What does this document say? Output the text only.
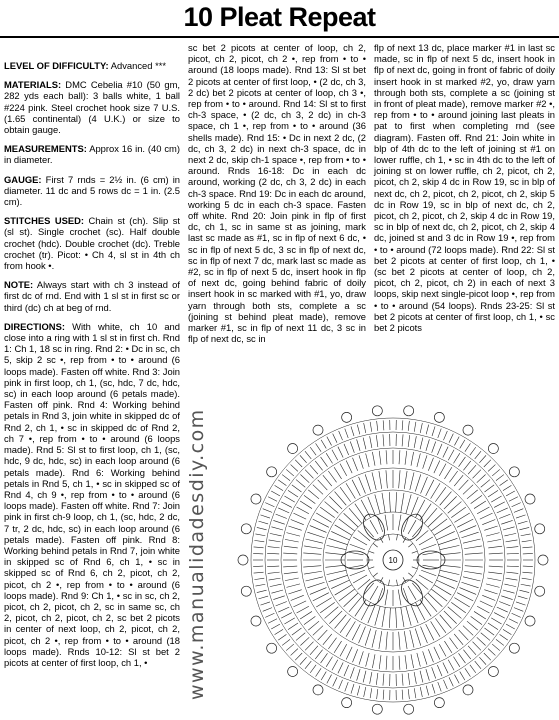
10 Pleat Repeat

LEVEL OF DIFFICULTY: Advanced ***

MATERIALS: DMC Cebelia #10 (50 gm, 282 yds each ball): 3 balls white, 1 ball #224 pink. Steel crochet hook size 7 U.S. (1.65 continental) (4 U.K.) or size to obtain gauge.

MEASUREMENTS: Approx 16 in. (40 cm) in diameter.

GAUGE: First 7 rnds = 2½ in. (6 cm) in diameter. 11 dc and 5 rows dc = 1 in. (2.5 cm).

STITCHES USED: Chain st (ch). Slip st (sl st). Single crochet (sc). Half double crochet (hdc). Double crochet (dc). Treble crochet (tr). Picot: • Ch 4, sl st in 4th ch from hook •.

NOTE: Always start with ch 3 instead of first dc of rnd. End with 1 sl st in first sc or third (dc) ch at beg of rnd.

DIRECTIONS: With white, ch 10 and close into a ring with 1 sl st in first ch. Rnd 1: Ch 1, 18 sc in ring. Rnd 2: • Dc in sc, ch 5, skip 2 sc •, rep from • to • around (6 loops made). Fasten off white. Rnd 3: Join pink in first loop, ch 1, (sc, hdc, 7 dc, hdc, sc) in each loop around (6 petals made). Fasten off pink. Rnd 4: Working behind petals in Rnd 3, join white in skipped dc of Rnd 2, ch 1, • sc in skipped dc of Rnd 2, ch 7 •, rep from • to • around (6 loops made). Rnd 5: Sl st to first loop, ch 1, (sc, hdc, 9 dc, hdc, sc) in each loop around (6 petals made). Rnd 6: Working behind petals in Rnd 5, ch 1, • sc in skipped sc of Rnd 4, ch 9 •, rep from • to • around (6 loops made). Fasten off white. Rnd 7: Join pink in first ch-9 loop, ch 1, (sc, hdc, 2 dc, 7 tr, 2 dc, hdc, sc) in each loop around (6 petals made). Fasten off pink. Rnd 8: Working behind petals in Rnd 7, join white in skipped sc of Rnd 6, ch 1, • sc in skipped sc of Rnd 6, ch 2, picot, ch 2, picot, ch 2 •, rep from • to • around (6 loops made). Rnd 9: Ch 1, • sc in sc, ch 2, picot, ch 2, picot, ch 2, sc in same sc, ch 2, picot, ch 2, picot, ch 2, sc bet 2 picots in center of next loop, ch 2, picot, ch 2, picot, ch 2 •, rep from • to • around (18 loops made). Rnds 10-12: Sl st bet 2 picots at center of first loop, ch 1, •

sc bet 2 picots at center of loop, ch 2, picot, ch 2, picot, ch 2 •, rep from • to • around (18 loops made). Rnd 13: Sl st bet 2 picots at center of first loop, • (2 dc, ch 3, 2 dc) bet 2 picots at center of loop, ch 3 •, rep from • to • around. Rnd 14: Sl st to first ch-3 space, • (2 dc, ch 3, 2 dc) in ch-3 space, ch 1 •, rep from • to • around (36 shells made). Rnd 15: • Dc in next 2 dc, (2 dc, ch 3, 2 dc) in next ch-3 space, dc in next 2 dc, skip ch-1 space •, rep from • to • around. Rnds 16-18: Dc in each dc around, working (2 dc, ch 3, 2 dc) in each ch-3 space. Rnd 19: Dc in each dc around, working 5 dc in each ch-3 space. Fasten off white. Rnd 20: Join pink in flp of first dc, ch 1, sc in same st as joining, mark last sc made as #1, sc in flp of next 6 dc, • sc in flp of next 5 dc, 3 sc in flp of next dc, sc in flp of next 7 dc, mark last sc made as #2, sc in flp of next 5 dc, insert hook in flp of next dc, going behind fabric of doily insert hook in sc marked with #1, yo, draw yarn through both sts, complete a sc (joining st behind pleat made), remove marker #1, sc in flp of next 11 dc, 3 sc in flp of next dc, sc in

flp of next 13 dc, place marker #1 in last sc made, sc in flp of next 5 dc, insert hook in flp of next dc, going in front of fabric of doily insert hook in st marked #2, yo, draw yarn through both sts, complete a sc (joining st in front of pleat made), remove marker #2 •, rep from • to • around joining last pleats in pat to first when completing rnd (see diagram). Fasten off. Rnd 21: Join white in blp of 4th dc to the left of joining st #1 on lower ruffle, ch 1, • sc in 4th dc to the left of joining st on lower ruffle, ch 2, picot, ch 2, picot, ch 2, skip 4 dc in Row 19, sc in blp of next dc, ch 2, picot, ch 2, picot, ch 2, skip 5 dc in Row 19, sc in blp of next dc, ch 2, picot, ch 2, picot, ch 2, skip 4 dc in Row 19, sc in blp of next dc, ch 2, picot, ch 2, skip 4 dc, joined st and 3 dc in Row 19 •, rep from • to • around (72 loops made). Rnd 22: Sl st bet 2 picots at center of first loop, ch 1, • (sc bet 2 picots at center of loop, ch 2, picot, ch 2, picot, ch 2) in each of next 3 loops, skip next single-picot loop •, rep from • to • around (54 loops). Rnds 23-25: Sl st bet 2 picots at center of first loop, ch 1, • sc bet 2 picots

10
www.manualidadesdiy.com
